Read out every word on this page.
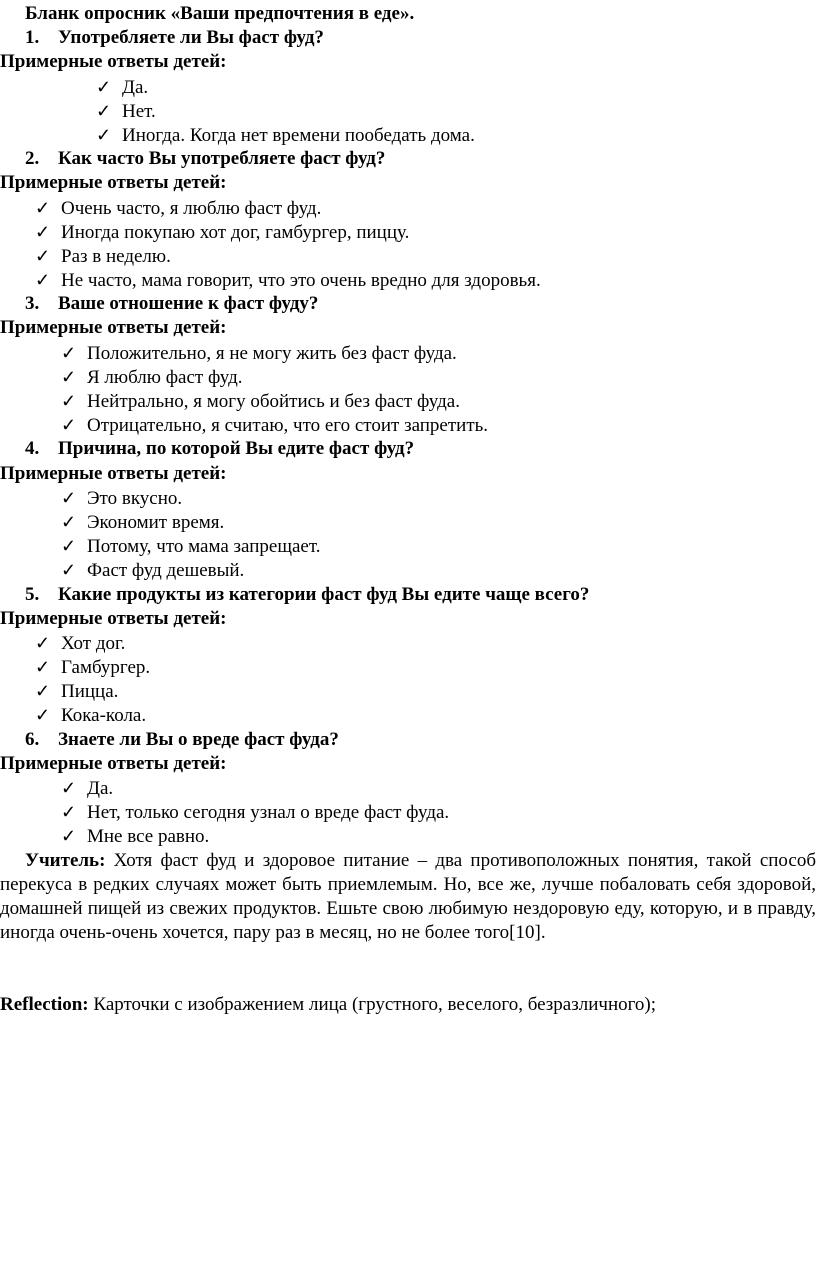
Бланк опросник «Ваши предпочтения в еде».
1. Употребляете ли Вы фаст фуд?
Примерные ответы детей:
✓ Да.
✓ Нет.
✓ Иногда. Когда нет времени пообедать дома.
2. Как часто Вы употребляете фаст фуд?
Примерные ответы детей:
✓ Очень часто, я люблю фаст фуд.
✓ Иногда покупаю хот дог, гамбургер, пиццу.
✓ Раз в неделю.
✓ Не часто, мама говорит, что это очень вредно для здоровья.
3. Ваше отношение к фаст фуду?
Примерные ответы детей:
✓ Положительно, я не могу жить без фаст фуда.
✓ Я люблю фаст фуд.
✓ Нейтрально, я могу обойтись и без фаст фуда.
✓ Отрицательно, я считаю, что его стоит запретить.
4. Причина, по которой Вы едите фаст фуд?
Примерные ответы детей:
✓ Это вкусно.
✓ Экономит время.
✓ Потому, что мама запрещает.
✓ Фаст фуд дешевый.
5. Какие продукты из категории фаст фуд Вы едите чаще всего?
Примерные ответы детей:
✓ Хот дог.
✓ Гамбургер.
✓ Пицца.
✓ Кока-кола.
6. Знаете ли Вы о вреде фаст фуда?
Примерные ответы детей:
✓ Да.
✓ Нет, только сегодня узнал о вреде фаст фуда.
✓ Мне все равно.
Учитель: Хотя фаст фуд и здоровое питание – два противоположных понятия, такой способ перекуса в редких случаях может быть приемлемым. Но, все же, лучше побаловать себя здоровой, домашней пищей из свежих продуктов. Ешьте свою любимую нездоровую еду, которую, и в правду, иногда очень-очень хочется, пару раз в месяц, но не более того[10].
Reflection: Карточки с изображением лица (грустного, веселого, безразличного);
